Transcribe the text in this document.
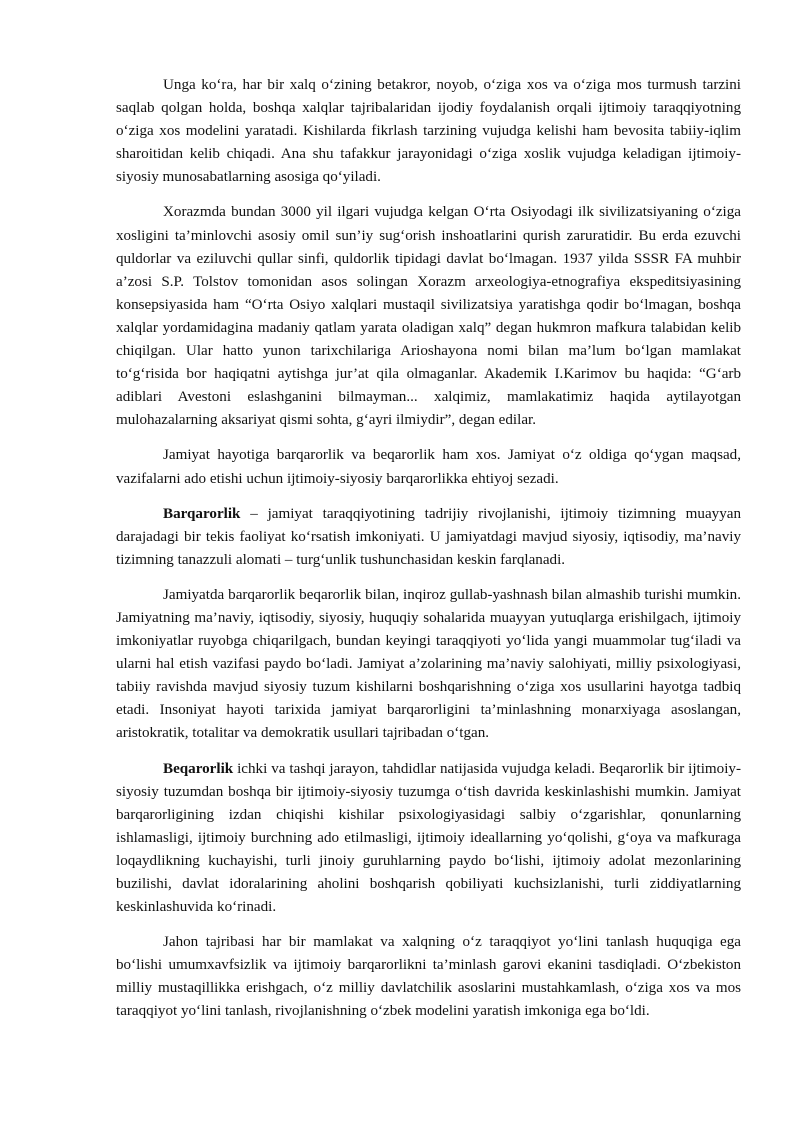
Unga ko‘ra, har bir xalq o‘zining betakror, noyob, o‘ziga xos va o‘ziga mos turmush tarzini saqlab qolgan holda, boshqa xalqlar tajribalaridan ijodiy foydalanish orqali ijtimoiy taraqqiyotning o‘ziga xos modelini yaratadi. Kishilarda fikrlash tarzining vujudga kelishi ham bevosita tabiiy-iqlim sharoitidan kelib chiqadi. Ana shu tafakkur jarayonidagi o‘ziga xoslik vujudga keladigan ijtimoiy-siyosiy munosabatlarning asosiga qo‘yiladi.

Xorazmda bundan 3000 yil ilgari vujudga kelgan O‘rta Osiyodagi ilk sivilizatsiyaning o‘ziga xosligini ta’minlovchi asosiy omil sun’iy sug‘orish inshoatlarini qurish zaruratidir. Bu erda ezuvchi quldorlar va eziluvchi qullar sinfi, quldorlik tipidagi davlat bo‘lmagan. 1937 yilda SSSR FA muhbir a’zosi S.P. Tolstov tomonidan asos solingan Xorazm arxeologiya-etnografiya ekspeditsiyasining konsepsiyasida ham “O‘rta Osiyo xalqlari mustaqil sivilizatsiya yaratishga qodir bo‘lmagan, boshqa xalqlar yordamidagina madaniy qatlam yarata oladigan xalq” degan hukmron mafkura talabidan kelib chiqilgan. Ular hatto yunon tarixchilariga Arioshayona nomi bilan ma’lum bo‘lgan mamlakat to‘g‘risida bor haqiqatni aytishga jur’at qila olmaganlar. Akademik I.Karimov bu haqida: “G‘arb adiblari Avestoni eslashganini bilmayman... xalqimiz, mamlakatimiz haqida aytilayotgan mulohazalarning aksariyat qismi sohta, g‘ayri ilmiydir”, degan edilar.

Jamiyat hayotiga barqarorlik va beqarorlik ham xos. Jamiyat o‘z oldiga qo‘ygan maqsad, vazifalarni ado etishi uchun ijtimoiy-siyosiy barqarorlikka ehtiyoj sezadi.

Barqarorlik – jamiyat taraqqiyotining tadrijiy rivojlanishi, ijtimoiy tizimning muayyan darajadagi bir tekis faoliyat ko‘rsatish imkoniyati. U jamiyatdagi mavjud siyosiy, iqtisodiy, ma’naviy tizimning tanazzuli alomati – turg‘unlik tushunchasidan keskin farqlanadi.

Jamiyatda barqarorlik beqarorlik bilan, inqiroz gullab-yashnash bilan almashib turishi mumkin. Jamiyatning ma’naviy, iqtisodiy, siyosiy, huquqiy sohalarida muayyan yutuqlarga erishilgach, ijtimoiy imkoniyatlar ruyobga chiqarilgach, bundan keyingi taraqqiyoti yo‘lida yangi muammolar tug‘iladi va ularni hal etish vazifasi paydo bo‘ladi. Jamiyat a’zolarining ma’naviy salohiyati, milliy psixologiyasi, tabiiy ravishda mavjud siyosiy tuzum kishilarni boshqarishning o‘ziga xos usullarini hayotga tadbiq etadi. Insoniyat hayoti tarixida jamiyat barqarorligini ta’minlashning monarxiyaga asoslangan, aristokratik, totalitar va demokratik usullari tajribadan o‘tgan.

Beqarorlik ichki va tashqi jarayon, tahdidlar natijasida vujudga keladi. Beqarorlik bir ijtimoiy-siyosiy tuzumdan boshqa bir ijtimoiy-siyosiy tuzumga o‘tish davrida keskinlashishi mumkin. Jamiyat barqarorligining izdan chiqishi kishilar psixologiyasidagi salbiy o‘zgarishlar, qonunlarning ishlamasligi, ijtimoiy burchning ado etilmasligi, ijtimoiy ideallarning yo‘qolishi, g‘oya va mafkuraga loqaydlikning kuchayishi, turli jinoiy guruhlarning paydo bo‘lishi, ijtimoiy adolat mezonlarining buzilishi, davlat idoralarining aholini boshqarish qobiliyati kuchsizlanishi, turli ziddiyatlarning keskinlashuvida ko‘rinadi.

Jahon tajribasi har bir mamlakat va xalqning o‘z taraqqiyot yo‘lini tanlash huquqiga ega bo‘lishi umumxavfsizlik va ijtimoiy barqarorlikni ta’minlash garovi ekanini tasdiqladi. O‘zbekiston milliy mustaqillikka erishgach, o‘z milliy davlatchilik asoslarini mustahkamlash, o‘ziga xos va mos taraqqiyot yo‘lini tanlash, rivojlanishning o‘zbek modelini yaratish imkoniga ega bo‘ldi.
